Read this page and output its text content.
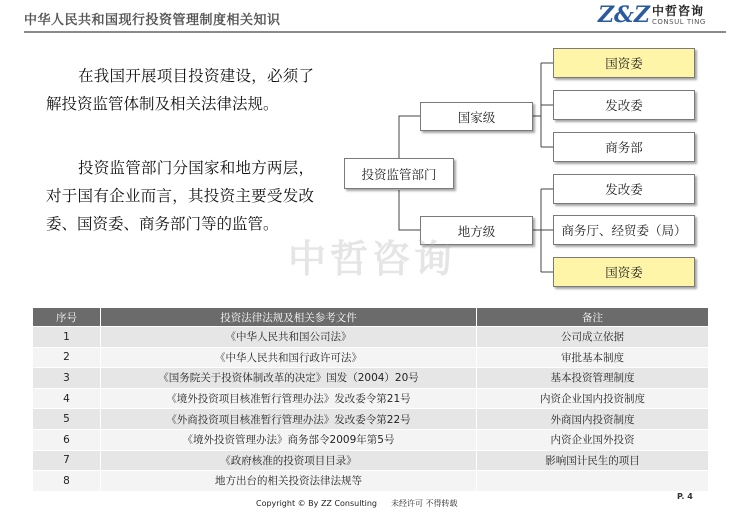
中华人民共和国现行投资管理制度相关知识	Z&Z 中哲咨询
CONSUL TING

在我国开展项目投资建设，必须了解投资监管体制及相关法律法规。

投资监管部门分国家和地方两层，对于国有企业而言，其投资主要受发改委、国资委、商务部门等的监管。

投资监管部门
国家级
地方级
国资委
发改委
商务部
发改委
商务厅、经贸委（局）
国资委
中哲咨询
序号	投资法律法规及相关参考文件	备注
1	《中华人民共和国公司法》	公司成立依据
2	《中华人民共和国行政许可法》	审批基本制度
3	《国务院关于投资体制改革的决定》国发（2004）20号	基本投资管理制度
4	《境外投资项目核准暂行管理办法》发改委令第21号	内资企业国内投资制度
5	《外商投资项目核准暂行管理办法》发改委令第22号	外商国内投资制度
6	《境外投资管理办法》商务部令2009年第5号	内资企业国外投资
7	《政府核准的投资项目目录》	影响国计民生的项目
8	地方出台的相关投资法律法规等	
Copyright © By ZZ Consulting 未经许可 不得转载
P. 4
